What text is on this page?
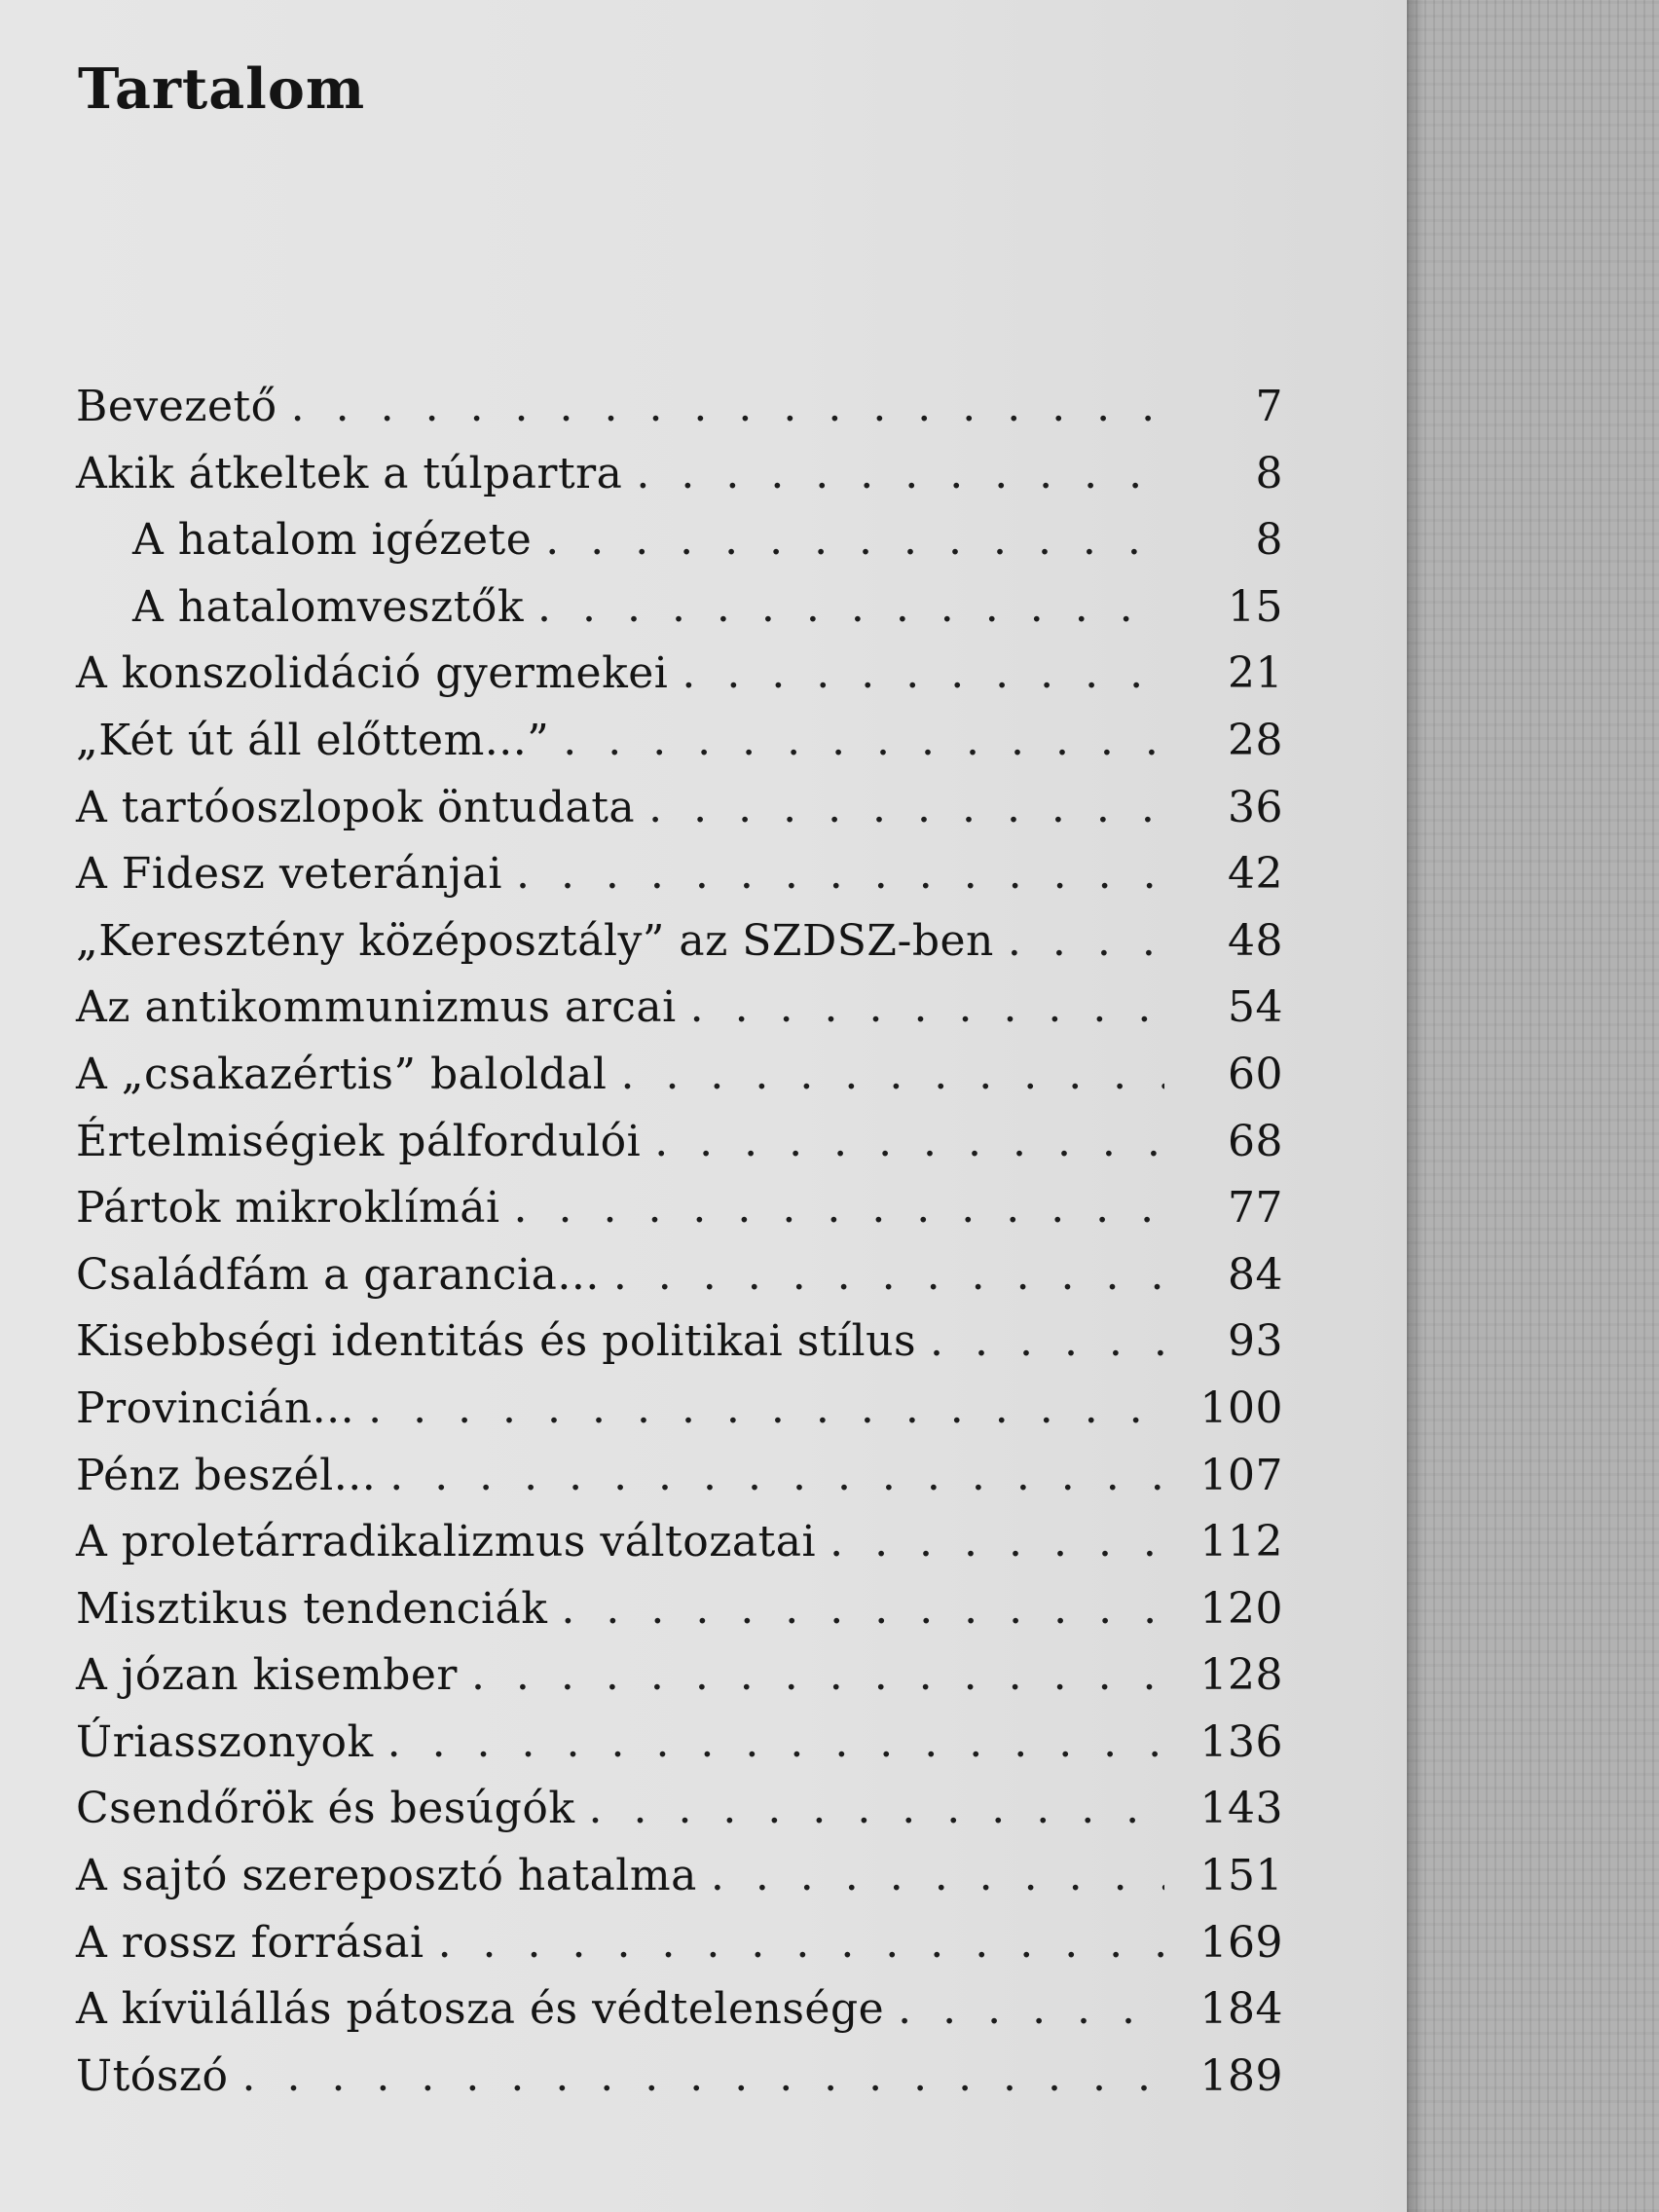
Tartalom
Bevezető . . .	7
Akik átkeltek a túlpartra . . .	8
A hatalom igézete . . .	8
A hatalomvesztők . . .	15
A konszolidáció gyermekei . . .	21
„Két út áll előttem...” . . .	28
A tartóoszlopok öntudata . . .	36
A Fidesz veteránjai . . .	42
„Keresztény középosztály” az SZDSZ-ben . . .	48
Az antikommunizmus arcai . . .	54
A „csakazértis” baloldal . . .	60
Értelmiségiek pálfordulói . . .	68
Pártok mikroklímái . . .	77
Családfám a garancia... . . .	84
Kisebbségi identitás és politikai stílus . . .	93
Provincián... . . .	100
Pénz beszél... . . .	107
A proletárradikalizmus változatai . . .	112
Misztikus tendenciák . . .	120
A józan kisember . . .	128
Úriasszonyok . . .	136
Csendőrök és besúgók . . .	143
A sajtó szereposztó hatalma . . .	151
A rossz forrásai . . .	169
A kívülállás pátosza és védtelensége . . .	184
Utószó . . .	189
